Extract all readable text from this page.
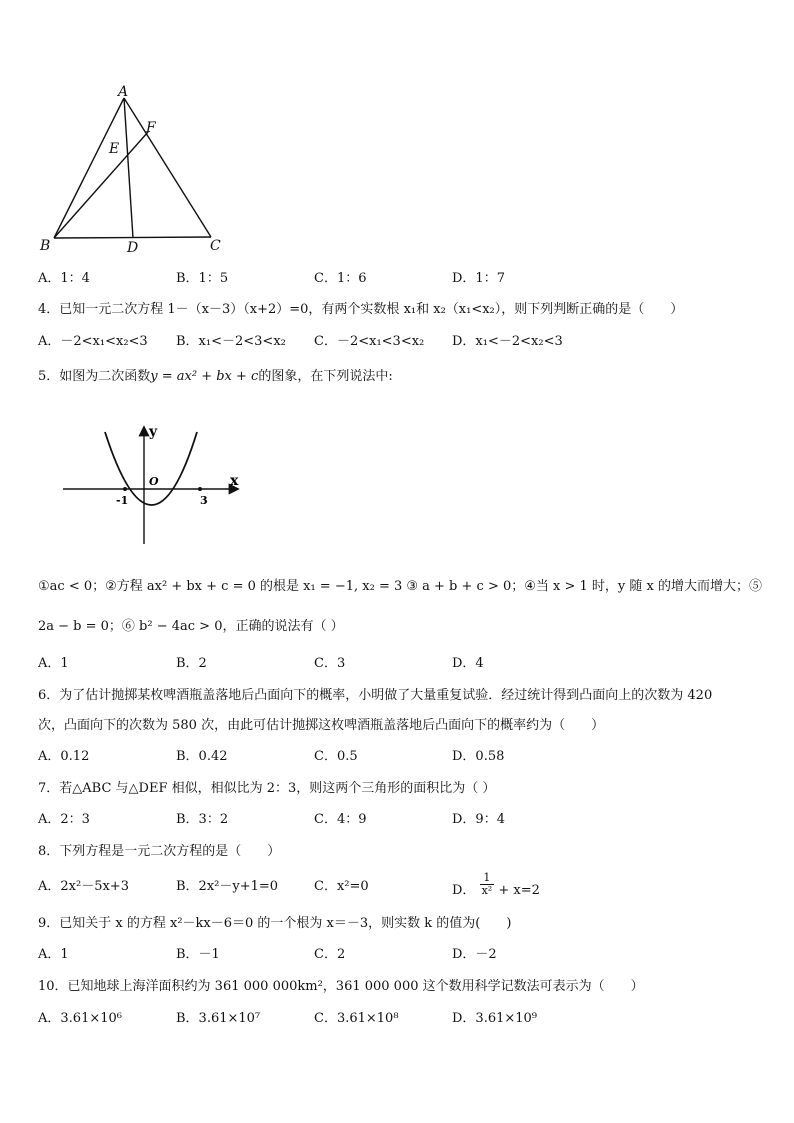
A
B	C
D
E
F
A．1：4	B．1：5	C．1：6	D．1：7
4．已知一元二次方程 1－（x－3）（x+2）=0，有两个实数根 x₁和 x₂（x₁<x₂），则下列判断正确的是（　　）
A．－2<x₁<x₂<3 B．x₁<－2<3<x₂ C．－2<x₁<3<x₂ D．x₁<－2<x₂<3
5．如图为二次函数y = ax² + bx + c的图象，在下列说法中:
y
x
O
-1	3
①ac < 0；②方程 ax² + bx + c = 0 的根是 x₁ = −1, x₂ = 3 ③ a + b + c > 0；④当 x > 1 时，y 随 x 的增大而增大；⑤
2a − b = 0；⑥ b² − 4ac > 0，正确的说法有（ ）
A．1	B．2	C．3	D．4
6．为了估计抛掷某枚啤酒瓶盖落地后凸面向下的概率，小明做了大量重复试验．经过统计得到凸面向上的次数为 420
次，凸面向下的次数为 580 次，由此可估计抛掷这枚啤酒瓶盖落地后凸面向下的概率约为（　　）
A．0.12	B．0.42	C．0.5	D．0.58
7．若△ABC 与△DEF 相似，相似比为 2：3，则这两个三角形的面积比为（ ）
A．2：3	B．3：2	C．4：9	D．9：4
8．下列方程是一元二次方程的是（　　）
A．2x²－5x+3	B．2x²－y+1=0	C．x²=0	D． $\frac{1}{\text{x²}} + x=2$
9．已知关于 x 的方程 x²－kx－6＝0 的一个根为 x＝－3，则实数 k 的值为(　　)
A．1	B．－1	C．2	D．－2
10．已知地球上海洋面积约为 361 000 000km²，361 000 000 这个数用科学记数法可表示为（　　）
A．3.61×10⁶	B．3.61×10⁷	C．3.61×10⁸	D．3.61×10⁹
